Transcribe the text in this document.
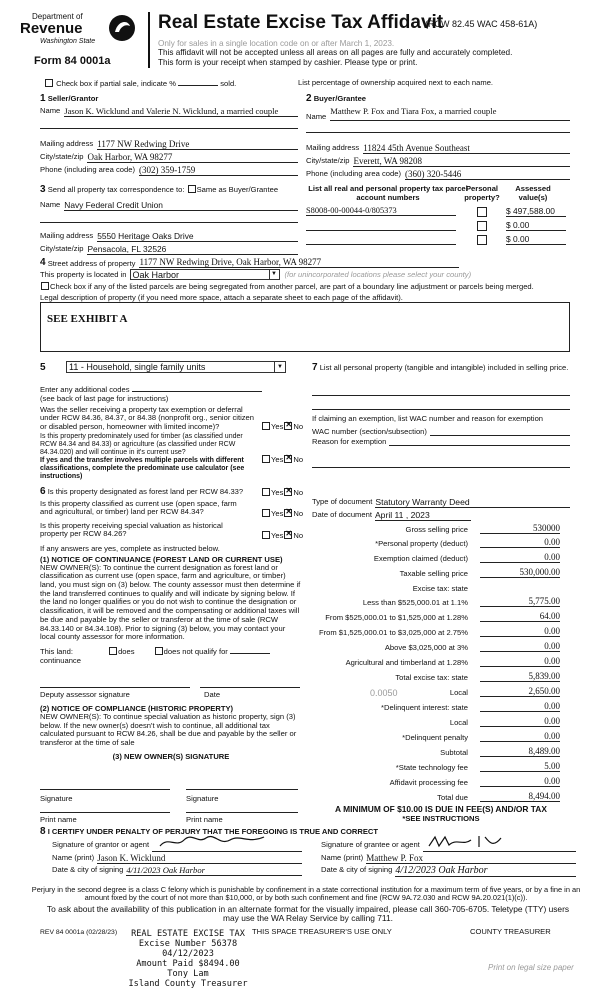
Department of
Revenue
Washington State
Form 84 0001a
Real Estate Excise Tax Affidavit
(RCW 82.45 WAC 458-61A)
Only for sales in a single location code on or after March 1, 2023.
This affidavit will not be accepted unless all areas on all pages are fully and accurately completed.
This form is your receipt when stamped by cashier. Please type or print.
Check box if partial sale, indicate %	sold.	List percentage of ownership acquired next to each name.
1 Seller/Grantor
Name Jason K. Wicklund and Valerie N. Wicklund, a married couple
Mailing address 1177 NW Redwing Drive
City/state/zip Oak Harbor, WA 98277
Phone (including area code) (302) 359-1759
2 Buyer/Grantee
Name
Matthew P. Fox and Tiara Fox, a married couple
Mailing address 11824 45th Avenue Southeast
City/state/zip Everett, WA 98208
Phone (including area code) (360) 320-5446
3 Send all property tax correspondence to: Same as Buyer/Grantee
Name Navy Federal Credit Union
Mailing address 5550 Heritage Oaks Drive
City/state/zip Pensacola, FL 32526
List all real and personal property tax parcel account numbers
Personal property?
Assessed value(s)
S8008-00-00044-0/805373	$ 497,588.00
$ 0.00
$ 0.00
4
Street address of property 1177 NW Redwing Drive, Oak Harbor, WA 98277
This property is located in Oak Harbor	▼ (for unincorporated locations please select your county)
Check box if any of the listed parcels are being segregated from another parcel, are part of a boundary line adjustment or parcels being merged.
Legal description of property (if you need more space, attach a separate sheet to each page of the affidavit).
SEE EXHIBIT A
5	11 - Household, single family units	▼
Enter any additional codes
(see back of last page for instructions)
Was the seller receiving a property tax exemption or deferral under RCW 84.36, 84.37, or 84.38 (nonprofit org., senior citizen or disabled person, homeowner with limited income)?	Yes ✕ No
Is this property predominately used for timber (as classified under RCW 84.34 and 84.33) or agriculture (as classified under RCW 84.34.020) and will continue in it's current use?
If yes and the transfer involves multiple parcels with different classifications, complete the predominate use calculator (see instructions)
Yes ✕ No
6 Is this property designated as forest land per RCW 84.33?	Yes ✕ No
Is this property classified as current use (open space, farm and agricultural, or timber) land per RCW 84.34?	Yes ✕ No
Is this property receiving special valuation as historical property per RCW 84.26?	Yes ✕ No
If any answers are yes, complete as instructed below.
(1) NOTICE OF CONTINUANCE (FOREST LAND OR CURRENT USE)
NEW OWNER(S): To continue the current designation as forest land or classification as current use (open space, farm and agriculture, or timber) land, you must sign on (3) below. The county assessor must then determine if the land transferred continues to qualify and will indicate by signing below. If the land no longer qualifies or you do not wish to continue the designation or classification, it will be removed and the compensating or additional taxes will be due and payable by the seller or transferor at the time of sale (RCW 84.33.140 or 84.34.108). Prior to signing (3) below, you may contact your local county assessor for more information.
This land:	does	does not qualify for
continuance
Deputy assessor signature	Date
(2) NOTICE OF COMPLIANCE (HISTORIC PROPERTY)
NEW OWNER(S): To continue special valuation as historic property, sign (3) below. If the new owner(s) doesn't wish to continue, all additional tax calculated pursuant to RCW 84.26, shall be due and payable by the seller or transferor at the time of sale
(3) NEW OWNER(S) SIGNATURE
Signature	Signature
Print name	Print name
7 List all personal property (tangible and intangible) included in selling price.
If claiming an exemption, list WAC number and reason for exemption
WAC number (section/subsection)
Reason for exemption
Type of document Statutory Warranty Deed
Date of document April 11 , 2023
Gross selling price	530000
*Personal property (deduct)	0.00
Exemption claimed (deduct)	0.00
Taxable selling price	530,000.00
Excise tax: state
Less than $525,000.01 at 1.1%	5,775.00
From $525,000.01 to $1,525,000 at 1.28%	64.00
From $1,525,000.01 to $3,025,000 at 2.75%	0.00
Above $3,025,000 at 3%	0.00
Agricultural and timberland at 1.28%	0.00
Total excise tax: state	5,839.00
0.0050	Local	2,650.00
*Delinquent interest: state	0.00
Local	0.00
*Delinquent penalty	0.00
Subtotal	8,489.00
*State technology fee	5.00
Affidavit processing fee	0.00
Total due	8,494.00
A MINIMUM OF $10.00 IS DUE IN FEE(S) AND/OR TAX
*SEE INSTRUCTIONS
8 I CERTIFY UNDER PENALTY OF PERJURY THAT THE FOREGOING IS TRUE AND CORRECT
Signature of grantor or agent
Name (print) Jason K. Wicklund
Date & city of signing 4/11/2023 Oak Harbor
Signature of grantee or agent
Name (print) Matthew P. Fox
Date & city of signing 4/12/2023 Oak Harbor
Perjury in the second degree is a class C felony which is punishable by confinement in a state correctional institution for a maximum term of five years, or by a fine in an amount fixed by the court of not more than $10,000, or by both such confinement and fine (RCW 9A.72.030 and RCW 9A.20.021(1)(c)).
To ask about the availability of this publication in an alternate format for the visually impaired, please call 360-705-6705. Teletype (TTY) users may use the WA Relay Service by calling 711.
REV 84 0001a (02/28/23)	THIS SPACE TREASURER'S USE ONLY	COUNTY TREASURER
REAL ESTATE EXCISE TAX
Excise Number 56378
04/12/2023
Amount Paid $8494.00
Tony Lam
Island County Treasurer
Print on legal size paper
